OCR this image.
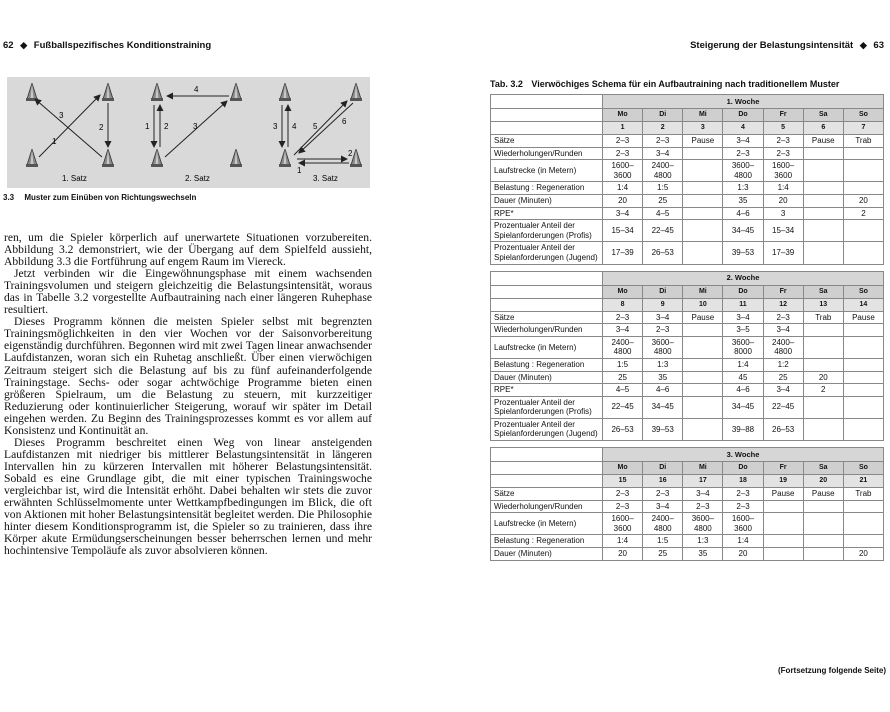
62 ◆ Fußballspezifisches Konditionstraining	Steigerung der Belastungsintensität ◆ 63
3
2
1
1. Satz
4
1 2	3
2. Satz
3 4 5
6
2
1
3. Satz
3.3 Muster zum Einüben von Richtungswechseln

ren, um die Spieler körperlich auf unerwartete Situationen vorzubereiten. Abbildung 3.2 demonstriert, wie der Übergang auf dem Spielfeld aussieht, Abbildung 3.3 die Fortführung auf engem Raum im Viereck.

Jetzt verbinden wir die Eingewöhnungsphase mit einem wachsenden Trainingsvolumen und steigern gleichzeitig die Belastungsintensität, woraus das in Tabelle 3.2 vorgestellte Aufbautraining nach einer längeren Ruhephase resultiert.

Dieses Programm können die meisten Spieler selbst mit begrenzten Trainingsmöglichkeiten in den vier Wochen vor der Saisonvorbereitung eigenständig durchführen. Begonnen wird mit zwei Tagen linear anwachsender Laufdistanzen, woran sich ein Ruhetag anschließt. Über einen vierwöchigen Zeitraum steigert sich die Belastung auf bis zu fünf aufeinanderfolgende Trainingstage. Sechs- oder sogar achtwöchige Programme bieten einen größeren Spielraum, um die Belastung zu steuern, mit kurzzeitiger Reduzierung oder kontinuierlicher Steigerung, worauf wir später im Detail eingehen werden. Zu Beginn des Trainingsprozesses kommt es vor allem auf Konsistenz und Kontinuität an.

Dieses Programm beschreitet einen Weg von linear ansteigenden Laufdistanzen mit niedriger bis mittlerer Belastungsintensität in längeren Intervallen hin zu kürzeren Intervallen mit höherer Belastungsintensität. Sobald es eine Grundlage gibt, die mit einer typischen Trainingswoche vergleichbar ist, wird die Intensität erhöht. Dabei behalten wir stets die zuvor erwähnten Schlüsselmomente unter Wettkampfbedingungen im Blick, die oft von Aktionen mit hoher Belastungsintensität begleitet werden. Die Philosophie hinter diesem Konditionsprogramm ist, die Spieler so zu trainieren, dass ihre Körper akute Ermüdungserscheinungen besser beherrschen lernen und mehr hochintensive Tempoläufe als zuvor absolvieren können.

Tab. 3.2 Vierwöchiges Schema für ein Aufbautraining nach traditionellem Muster
	1. Woche						
	Mo	Di	Mi	Do	Fr	Sa	So
	1	2	3	4	5	6	7
Sätze	2–3	2–3	Pause	3–4	2–3	Pause	Trab
Wiederholungen/Runden	2–3	3–4		2–3	2–3		
Laufstrecke (in Metern)	1600– 3600	2400– 4800		3600– 4800	1600– 3600		
Belastung : Regeneration	1:4	1:5		1:3	1:4		
Dauer (Minuten)	20	25		35	20		20
RPE*	3–4	4–5		4–6	3		2
Prozentualer Anteil der Spielanforderungen (Profis)	15–34	22–45		34–45	15–34		
Prozentualer Anteil der Spielanforderungen (Jugend)	17–39	26–53		39–53	17–39		

	2. Woche						
	Mo	Di	Mi	Do	Fr	Sa	So
	8	9	10	11	12	13	14
Sätze	2–3	3–4	Pause	3–4	2–3	Trab	Pause
Wiederholungen/Runden	3–4	2–3		3–5	3–4		
Laufstrecke (in Metern)	2400– 4800	3600– 4800		3600– 8000	2400– 4800		
Belastung : Regeneration	1:5	1:3		1:4	1:2		
Dauer (Minuten)	25	35		45	25	20	
RPE*	4–5	4–6		4–6	3–4	2	
Prozentualer Anteil der Spielanforderungen (Profis)	22–45	34–45		34–45	22–45		
Prozentualer Anteil der Spielanforderungen (Jugend)	26–53	39–53		39–88	26–53		

	3. Woche						
	Mo	Di	Mi	Do	Fr	Sa	So
	15	16	17	18	19	20	21
Sätze	2–3	2–3	3–4	2–3	Pause	Pause	Trab
Wiederholungen/Runden	2–3	3–4	2–3	2–3			
Laufstrecke (in Metern)	1600– 3600	2400– 4800	3600– 4800	1600– 3600			
Belastung : Regeneration	1:4	1:5	1:3	1:4			
Dauer (Minuten)	20	25	35	20			20
(Fortsetzung folgende Seite)
